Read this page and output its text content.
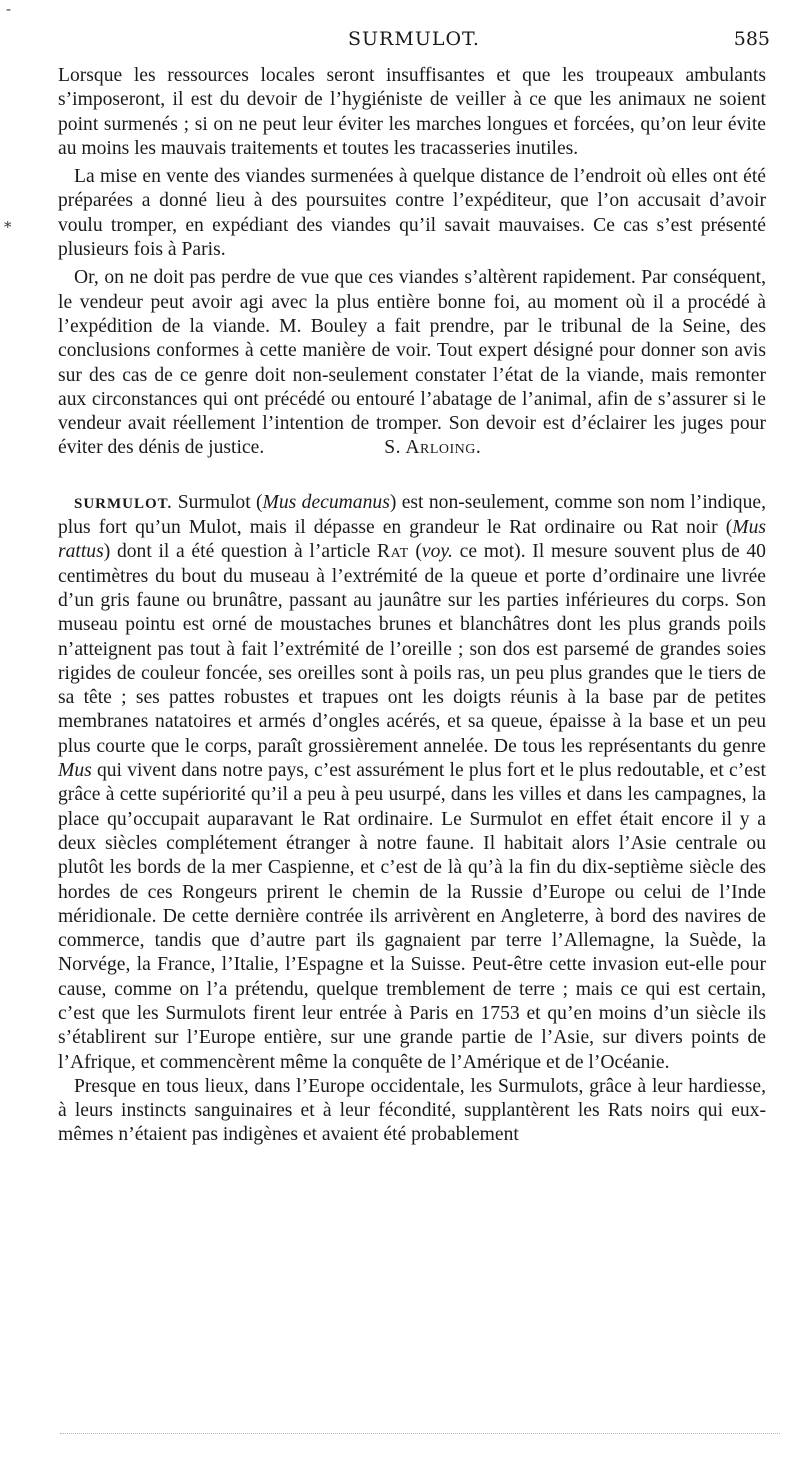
SURMULOT.	585
-
*

Lorsque les ressources locales seront insuffisantes et que les troupeaux ambulants s’imposeront, il est du devoir de l’hygiéniste de veiller à ce que les animaux ne soient point surmenés ; si on ne peut leur éviter les marches longues et forcées, qu’on leur évite au moins les mauvais traitements et toutes les tracasseries inutiles.

La mise en vente des viandes surmenées à quelque distance de l’endroit où elles ont été préparées a donné lieu à des poursuites contre l’expéditeur, que l’on accusait d’avoir voulu tromper, en expédiant des viandes qu’il savait mauvaises. Ce cas s’est présenté plusieurs fois à Paris.

Or, on ne doit pas perdre de vue que ces viandes s’altèrent rapidement. Par conséquent, le vendeur peut avoir agi avec la plus entière bonne foi, au moment où il a procédé à l’expédition de la viande. M. Bouley a fait prendre, par le tribunal de la Seine, des conclusions conformes à cette manière de voir. Tout expert désigné pour donner son avis sur des cas de ce genre doit non-seulement constater l’état de la viande, mais remonter aux circonstances qui ont précédé ou entouré l’abatage de l’animal, afin de s’assurer si le vendeur avait réellement l’intention de tromper. Son devoir est d’éclairer les juges pour éviter des dénis de justice.	S. Arloing.

SURMULOT. Surmulot (Mus decumanus) est non-seulement, comme son nom l’indique, plus fort qu’un Mulot, mais il dépasse en grandeur le Rat ordinaire ou Rat noir (Mus rattus) dont il a été question à l’article Rat (voy. ce mot). Il mesure souvent plus de 40 centimètres du bout du museau à l’extrémité de la queue et porte d’ordinaire une livrée d’un gris faune ou brunâtre, passant au jaunâtre sur les parties inférieures du corps. Son museau pointu est orné de moustaches brunes et blanchâtres dont les plus grands poils n’atteignent pas tout à fait l’extrémité de l’oreille ; son dos est parsemé de grandes soies rigides de couleur foncée, ses oreilles sont à poils ras, un peu plus grandes que le tiers de sa tête ; ses pattes robustes et trapues ont les doigts réunis à la base par de petites membranes natatoires et armés d’ongles acérés, et sa queue, épaisse à la base et un peu plus courte que le corps, paraît grossièrement annelée. De tous les représentants du genre Mus qui vivent dans notre pays, c’est assurément le plus fort et le plus redoutable, et c’est grâce à cette supériorité qu’il a peu à peu usurpé, dans les villes et dans les campagnes, la place qu’occupait auparavant le Rat ordinaire. Le Surmulot en effet était encore il y a deux siècles complétement étranger à notre faune. Il habitait alors l’Asie centrale ou plutôt les bords de la mer Caspienne, et c’est de là qu’à la fin du dix-septième siècle des hordes de ces Rongeurs prirent le chemin de la Russie d’Europe ou celui de l’Inde méridionale. De cette dernière contrée ils arrivèrent en Angleterre, à bord des navires de commerce, tandis que d’autre part ils gagnaient par terre l’Allemagne, la Suède, la Norvége, la France, l’Italie, l’Espagne et la Suisse. Peut-être cette invasion eut-elle pour cause, comme on l’a prétendu, quelque tremblement de terre ; mais ce qui est certain, c’est que les Surmulots firent leur entrée à Paris en 1753 et qu’en moins d’un siècle ils s’établirent sur l’Europe entière, sur une grande partie de l’Asie, sur divers points de l’Afrique, et commencèrent même la conquête de l’Amérique et de l’Océanie.

Presque en tous lieux, dans l’Europe occidentale, les Surmulots, grâce à leur hardiesse, à leurs instincts sanguinaires et à leur fécondité, supplantèrent les Rats noirs qui eux-mêmes n’étaient pas indigènes et avaient été probablement
